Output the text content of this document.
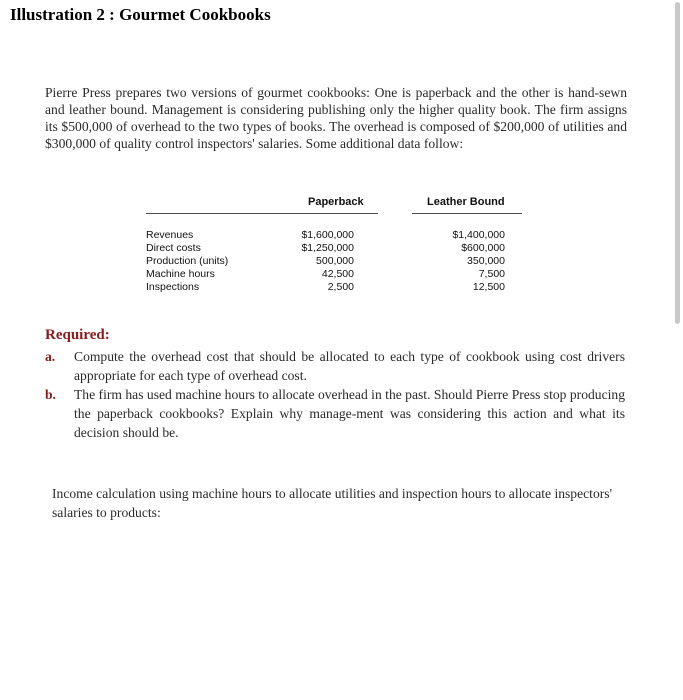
Illustration 2 : Gourmet Cookbooks
Pierre Press prepares two versions of gourmet cookbooks: One is paperback and the other is hand-sewn and leather bound. Management is considering publishing only the higher quality book. The firm assigns its $500,000 of overhead to the two types of books. The overhead is composed of $200,000 of utilities and $300,000 of quality control inspectors' salaries. Some additional data follow:
Paperback	Leather Bound
Revenues
Direct costs
Production (units)
Machine hours
Inspections
$1,600,000
$1,250,000
500,000
42,500
2,500
$1,400,000
$600,000
350,000
7,500
12,500
Required:
a. Compute the overhead cost that should be allocated to each type of cookbook using cost drivers appropriate for each type of overhead cost.
b. The firm has used machine hours to allocate overhead in the past. Should Pierre Press stop producing the paperback cookbooks? Explain why manage-ment was considering this action and what its decision should be.
Income calculation using machine hours to allocate utilities and inspection hours to allocate inspectors' salaries to products:
